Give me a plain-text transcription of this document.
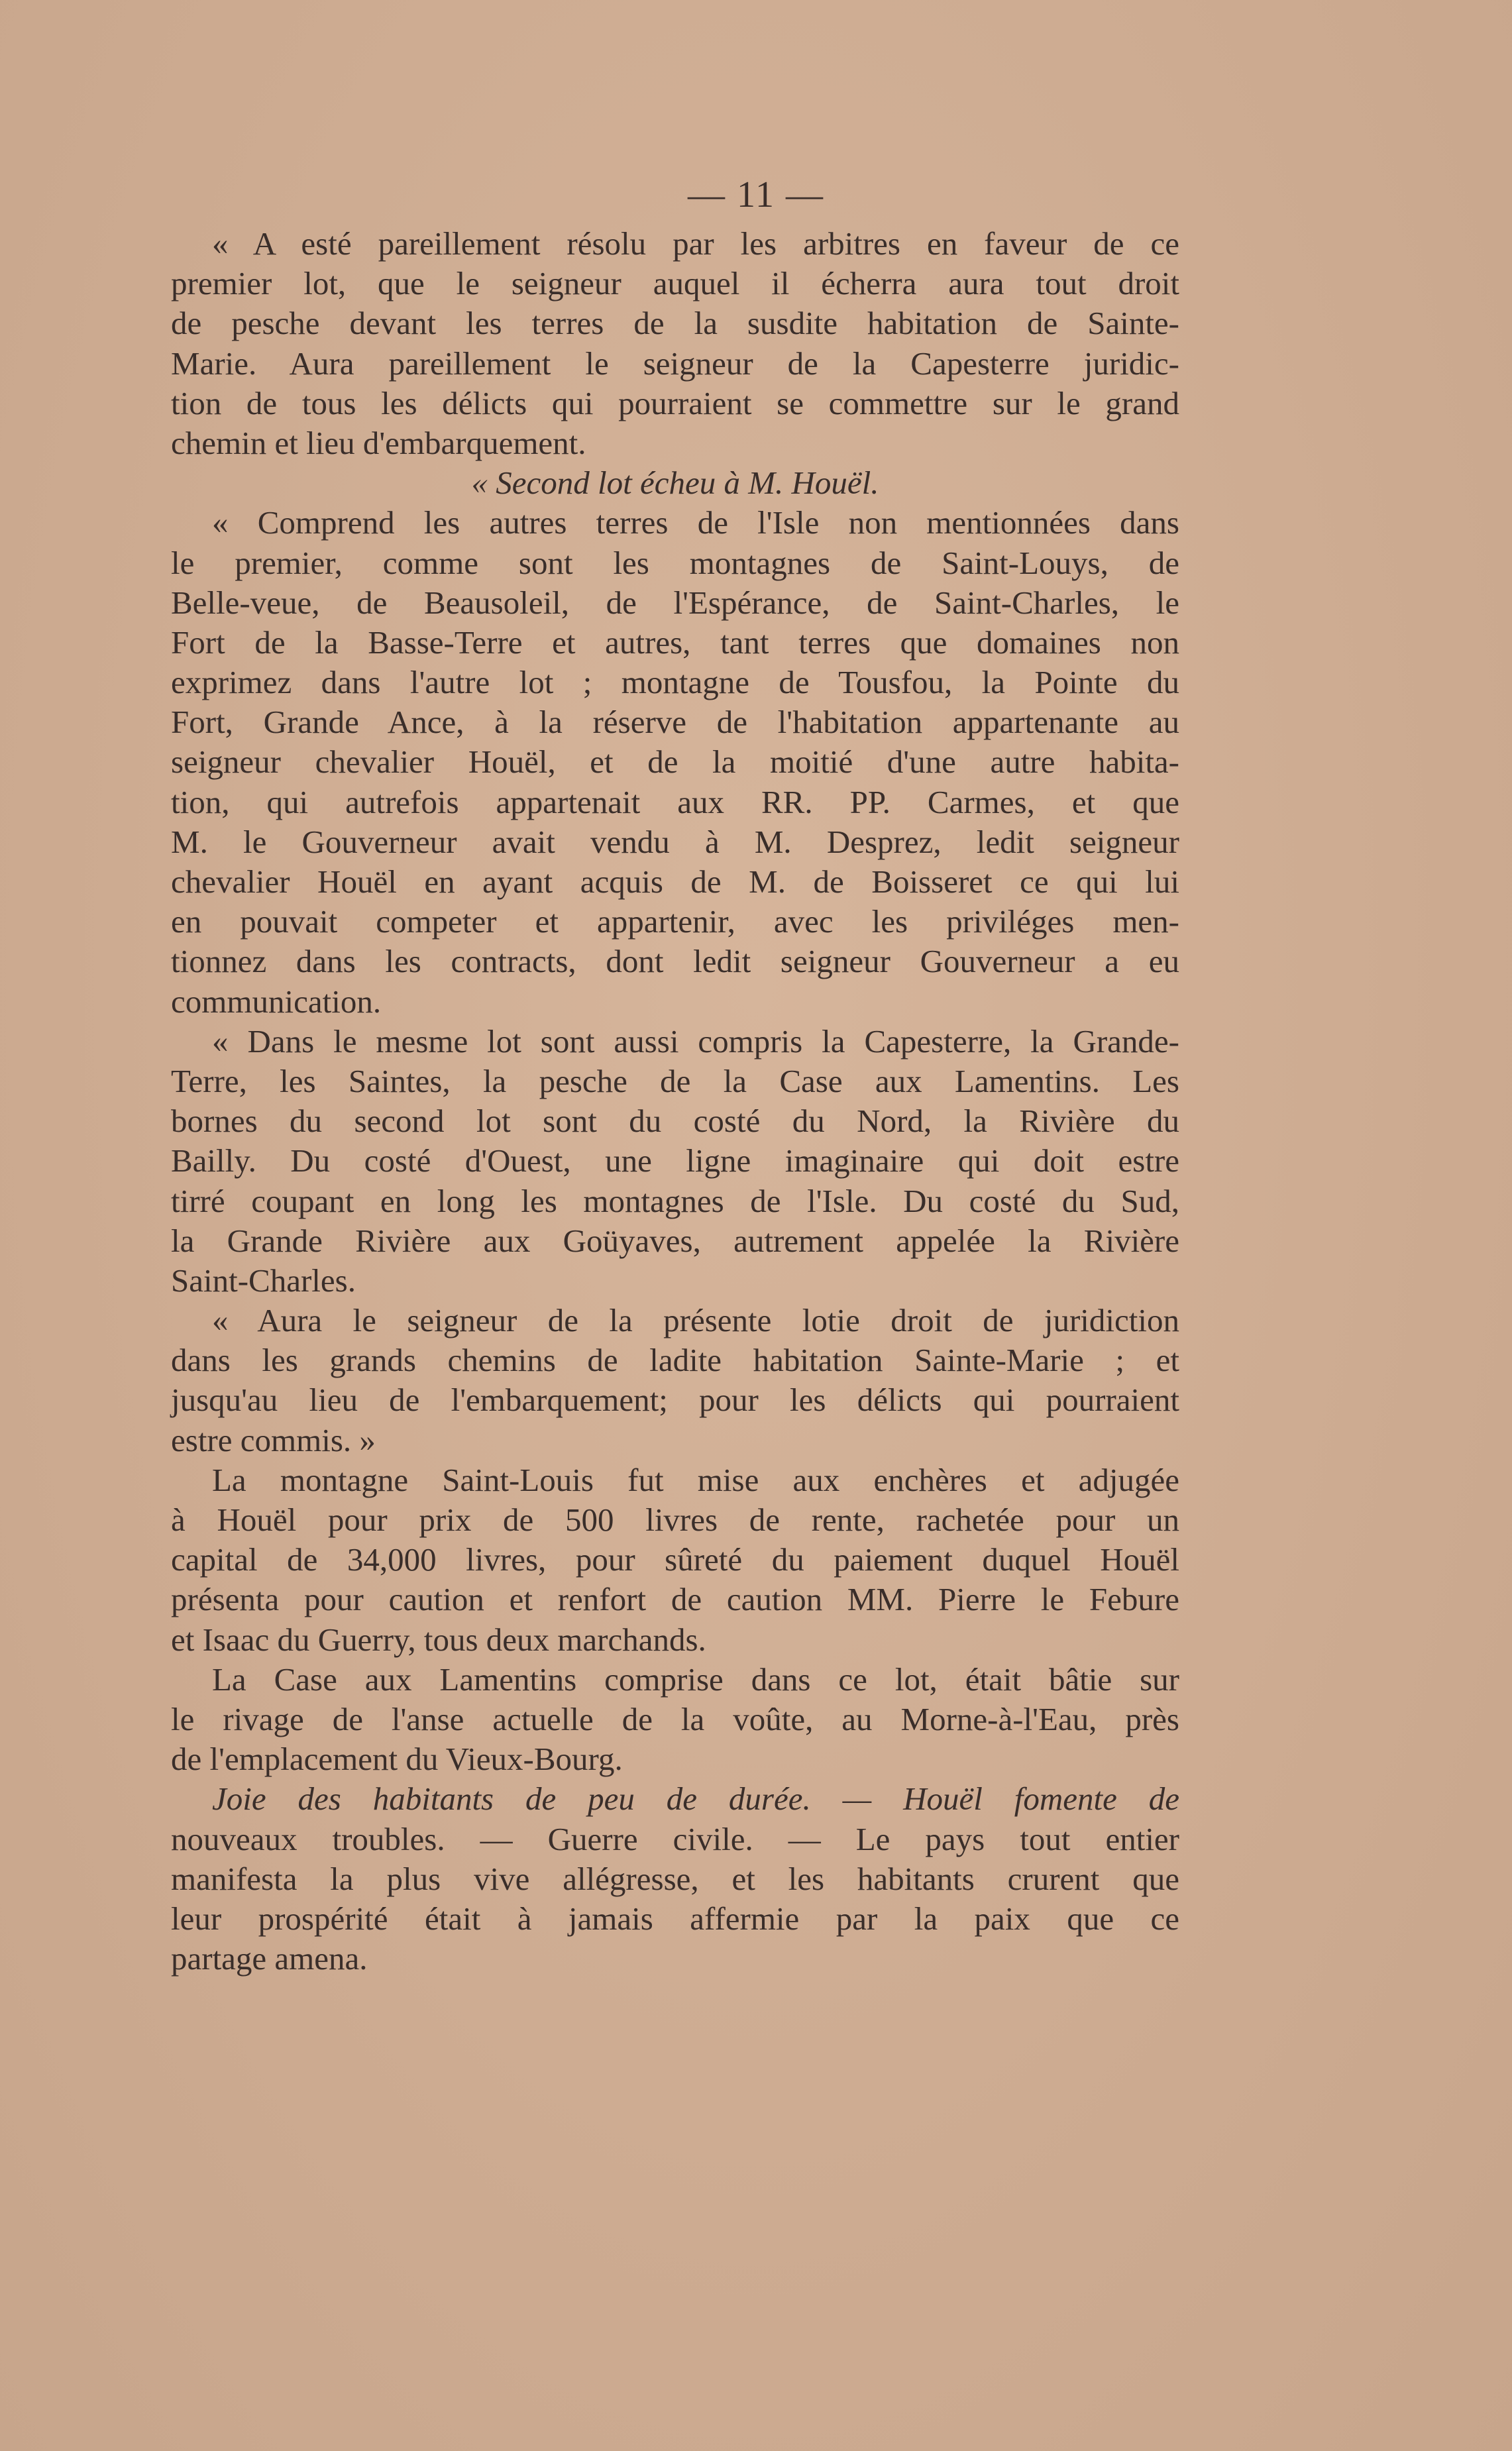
— 11 —
« A esté pareillement résolu par les arbitres en faveur de ce
premier lot, que le seigneur auquel il écherra aura tout droit
de pesche devant les terres de la susdite habitation de Sainte-
Marie. Aura pareillement le seigneur de la Capesterre juridic-
tion de tous les délicts qui pourraient se commettre sur le grand
chemin et lieu d'embarquement.
« Second lot écheu à M. Houël.
« Comprend les autres terres de l'Isle non mentionnées dans
le premier, comme sont les montagnes de Saint-Louys, de
Belle-veue, de Beausoleil, de l'Espérance, de Saint-Charles, le
Fort de la Basse-Terre et autres, tant terres que domaines non
exprimez dans l'autre lot ; montagne de Tousfou, la Pointe du
Fort, Grande Ance, à la réserve de l'habitation appartenante au
seigneur chevalier Houël, et de la moitié d'une autre habita-
tion, qui autrefois appartenait aux RR. PP. Carmes, et que
M. le Gouverneur avait vendu à M. Desprez, ledit seigneur
chevalier Houël en ayant acquis de M. de Boisseret ce qui lui
en pouvait competer et appartenir, avec les priviléges men-
tionnez dans les contracts, dont ledit seigneur Gouverneur a eu
communication.
« Dans le mesme lot sont aussi compris la Capesterre, la Grande-
Terre, les Saintes, la pesche de la Case aux Lamentins. Les
bornes du second lot sont du costé du Nord, la Rivière du
Bailly. Du costé d'Ouest, une ligne imaginaire qui doit estre
tirré coupant en long les montagnes de l'Isle. Du costé du Sud,
la Grande Rivière aux Goüyaves, autrement appelée la Rivière
Saint-Charles.
« Aura le seigneur de la présente lotie droit de juridiction
dans les grands chemins de ladite habitation Sainte-Marie ; et
jusqu'au lieu de l'embarquement; pour les délicts qui pourraient
estre commis. »
La montagne Saint-Louis fut mise aux enchères et adjugée
à Houël pour prix de 500 livres de rente, rachetée pour un
capital de 34,000 livres, pour sûreté du paiement duquel Houël
présenta pour caution et renfort de caution MM. Pierre le Febure
et Isaac du Guerry, tous deux marchands.
La Case aux Lamentins comprise dans ce lot, était bâtie sur
le rivage de l'anse actuelle de la voûte, au Morne-à-l'Eau, près
de l'emplacement du Vieux-Bourg.
Joie des habitants de peu de durée. — Houël fomente de
nouveaux troubles. — Guerre civile. — Le pays tout entier
manifesta la plus vive allégresse, et les habitants crurent que
leur prospérité était à jamais affermie par la paix que ce
partage amena.
